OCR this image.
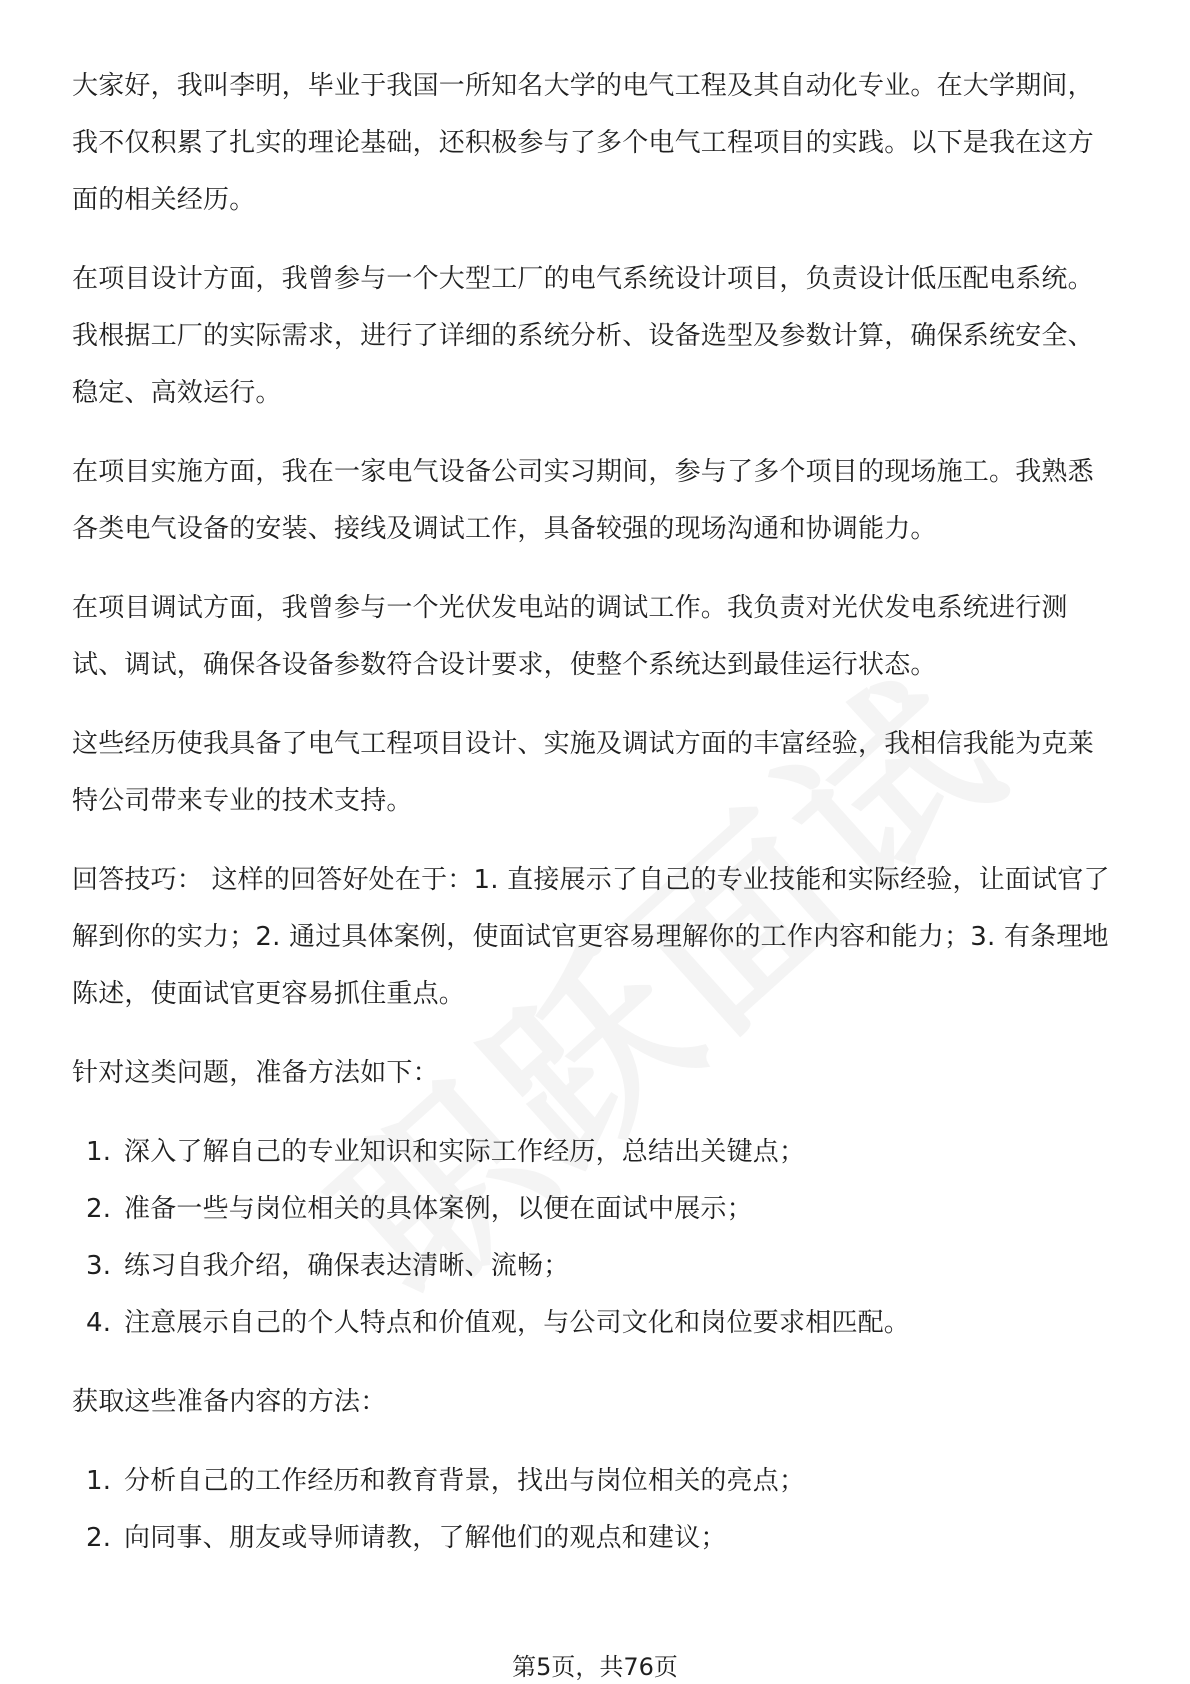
大家好，我叫李明，毕业于我国一所知名大学的电气工程及其自动化专业。在大学期间，我不仅积累了扎实的理论基础，还积极参与了多个电气工程项目的实践。以下是我在这方面的相关经历。

在项目设计方面，我曾参与一个大型工厂的电气系统设计项目，负责设计低压配电系统。我根据工厂的实际需求，进行了详细的系统分析、设备选型及参数计算，确保系统安全、稳定、高效运行。

在项目实施方面，我在一家电气设备公司实习期间，参与了多个项目的现场施工。我熟悉各类电气设备的安装、接线及调试工作，具备较强的现场沟通和协调能力。

在项目调试方面，我曾参与一个光伏发电站的调试工作。我负责对光伏发电系统进行测试、调试，确保各设备参数符合设计要求，使整个系统达到最佳运行状态。

这些经历使我具备了电气工程项目设计、实施及调试方面的丰富经验，我相信我能为克莱特公司带来专业的技术支持。

回答技巧： 这样的回答好处在于：1. 直接展示了自己的专业技能和实际经验，让面试官了解到你的实力；2. 通过具体案例，使面试官更容易理解你的工作内容和能力；3. 有条理地陈述，使面试官更容易抓住重点。

针对这类问题，准备方法如下：

1. 深入了解自己的专业知识和实际工作经历，总结出关键点；
2. 准备一些与岗位相关的具体案例，以便在面试中展示；
3. 练习自我介绍，确保表达清晰、流畅；
4. 注意展示自己的个人特点和价值观，与公司文化和岗位要求相匹配。

获取这些准备内容的方法：

1. 分析自己的工作经历和教育背景，找出与岗位相关的亮点；
2. 向同事、朋友或导师请教，了解他们的观点和建议；
第5页，共76页
